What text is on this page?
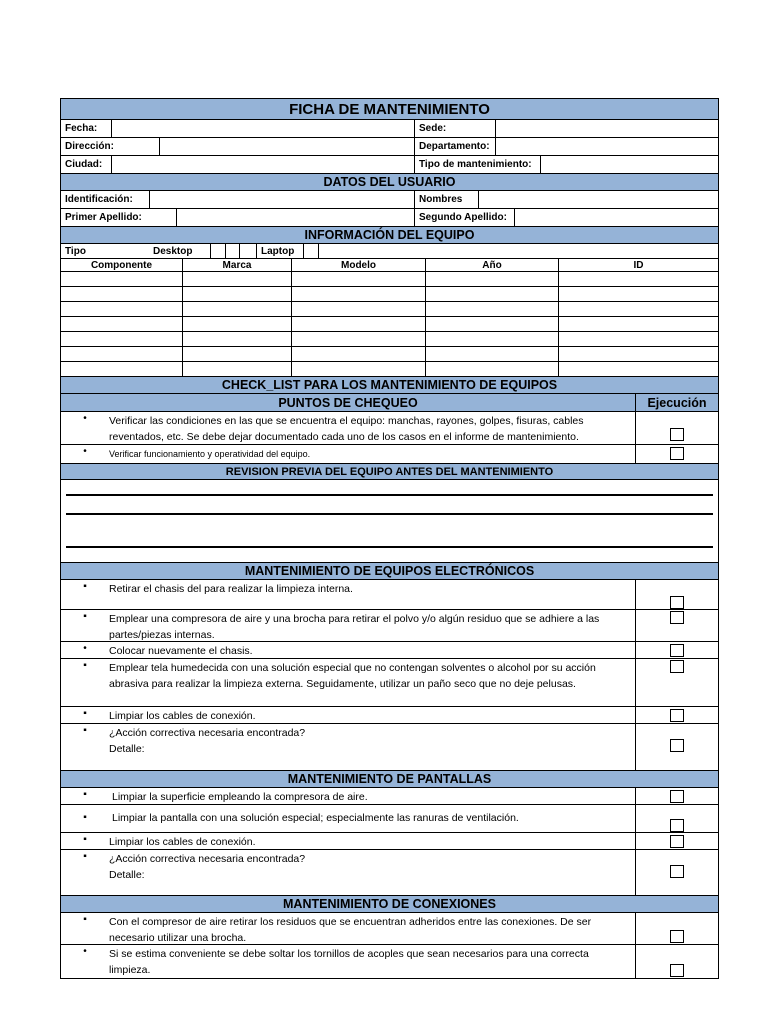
FICHA DE MANTENIMIENTO
Fecha:	Sede:
Dirección:	Departamento:
Ciudad:	Tipo de mantenimiento:
DATOS DEL USUARIO
Identificación:	Nombres
Primer Apellido:	Segundo Apellido:
INFORMACIÓN DEL EQUIPO
Tipo	Desktop	Laptop
Componente	Marca	Modelo	Año	ID
CHECK_LIST PARA LOS MANTENIMIENTO DE EQUIPOS
PUNTOS DE CHEQUEO	Ejecución
•	Verificar las condiciones en las que se encuentra el equipo: manchas, rayones, golpes, fisuras, cables reventados, etc. Se debe dejar documentado cada uno de los casos en el informe de mantenimiento.
•	Verificar funcionamiento y operatividad del equipo.
REVISION PREVIA DEL EQUIPO ANTES DEL MANTENIMIENTO
MANTENIMIENTO DE EQUIPOS ELECTRÓNICOS
▪	Retirar el chasis del para realizar la limpieza interna.
▪	Emplear una compresora de aire y una brocha para retirar el polvo y/o algún residuo que se adhiere a las partes/piezas internas.
•	Colocar nuevamente el chasis.
▪	Emplear tela humedecida con una solución especial que no contengan solventes o alcohol por su acción abrasiva para realizar la limpieza externa. Seguidamente, utilizar un paño seco que no deje pelusas.
▪	Limpiar los cables de conexión.
▪	¿Acción correctiva necesaria encontrada?
Detalle:
MANTENIMIENTO DE PANTALLAS
▪	Limpiar la superficie empleando la compresora de aire.
▪	Limpiar la pantalla con una solución especial; especialmente las ranuras de ventilación.
▪	Limpiar los cables de conexión.
▪	¿Acción correctiva necesaria encontrada?
Detalle:
MANTENIMIENTO DE CONEXIONES
▪	Con el compresor de aire retirar los residuos que se encuentran adheridos entre las conexiones. De ser necesario utilizar una brocha.
•	Si se estima conveniente se debe soltar los tornillos de acoples que sean necesarios para una correcta limpieza.
